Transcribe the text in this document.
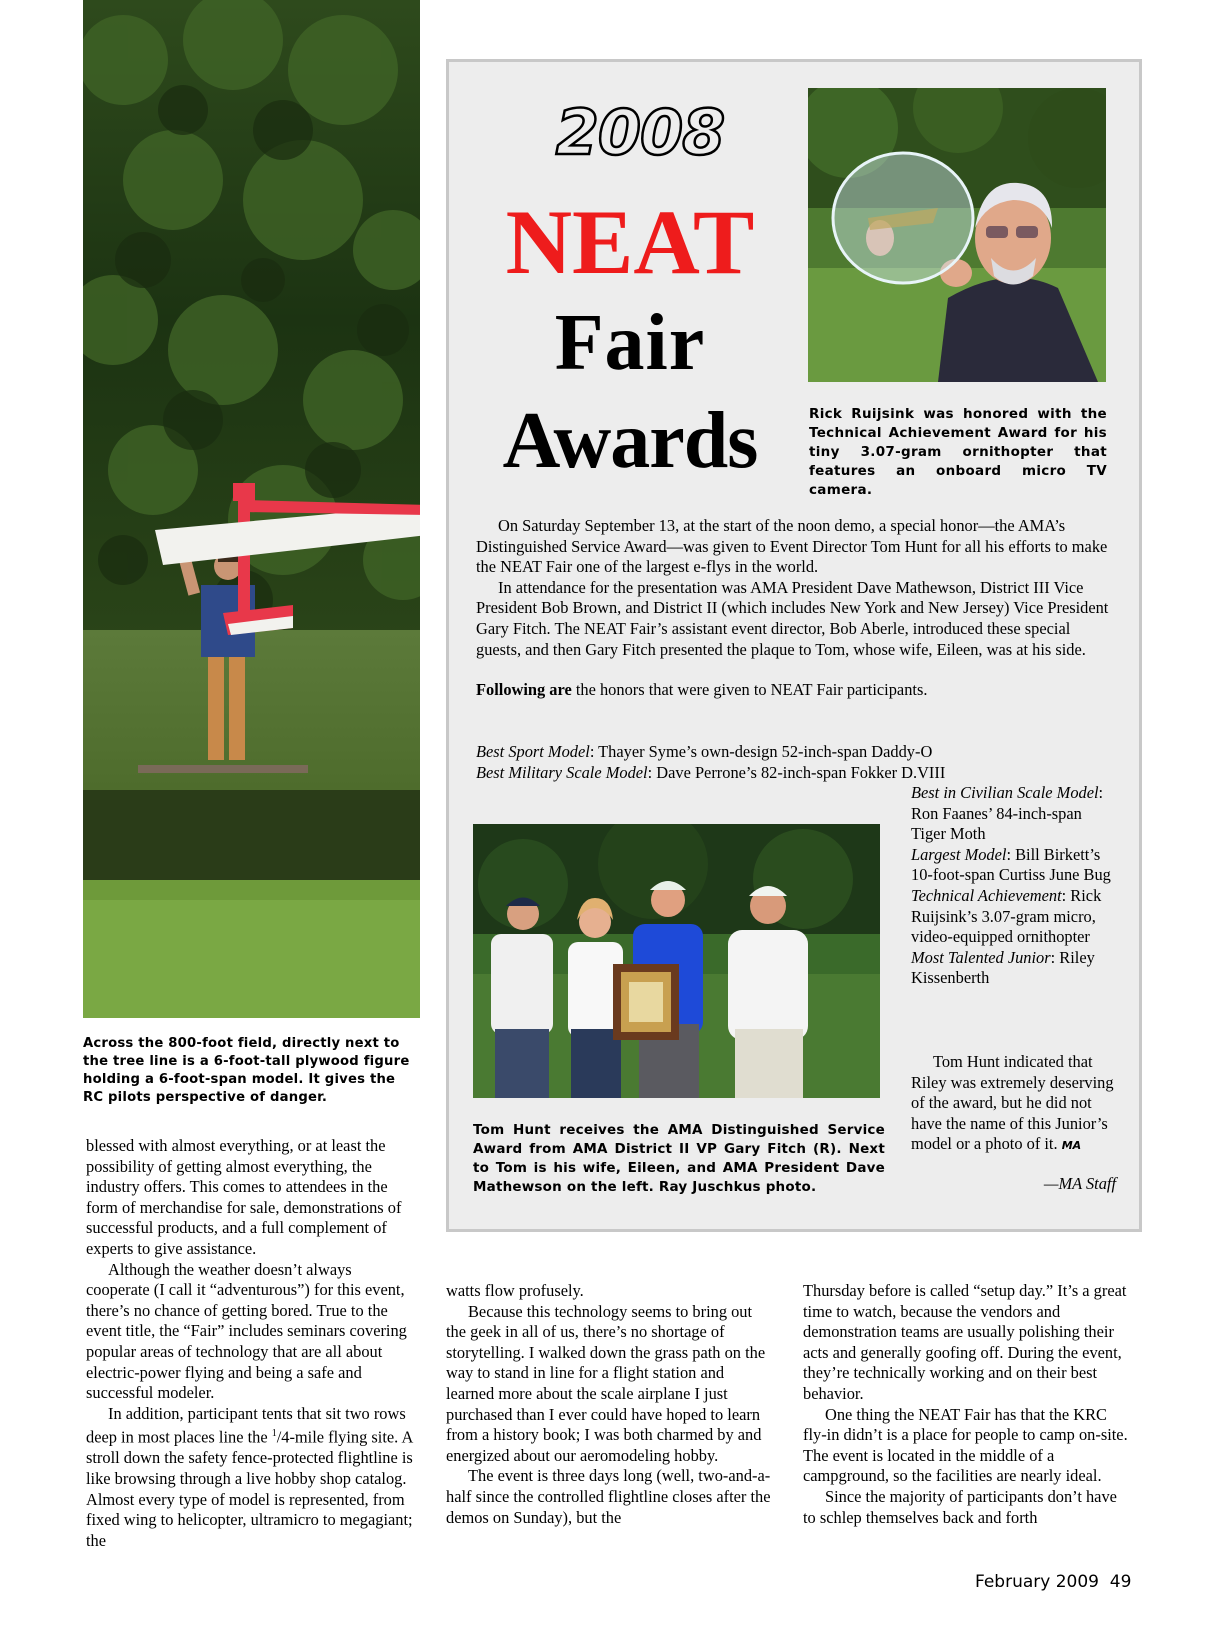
Across the 800-foot field, directly next to the tree line is a 6-foot-tall plywood figure holding a 6-foot-span model. It gives the RC pilots perspective of danger.
2008
NEAT
Fair
Awards	Rick Ruijsink was honored with the Technical Achievement Award for his tiny 3.07-gram ornithopter that features an onboard micro TV camera.

On Saturday September 13, at the start of the noon demo, a special honor—the AMA’s Distinguished Service Award—was given to Event Director Tom Hunt for all his efforts to make the NEAT Fair one of the largest e-flys in the world.

In attendance for the presentation was AMA President Dave Mathewson, District III Vice President Bob Brown, and District II (which includes New York and New Jersey) Vice President Gary Fitch. The NEAT Fair’s assistant event director, Bob Aberle, introduced these special guests, and then Gary Fitch presented the plaque to Tom, whose wife, Eileen, was at his side.

Following are the honors that were given to NEAT Fair participants.

Best Sport Model: Thayer Syme’s own-design 52-inch-span Daddy-O
Best Military Scale Model: Dave Perrone’s 82-inch-span Fokker D.VIII
Best in Civilian Scale Model: Ron Faanes’ 84-inch-span Tiger Moth
Largest Model: Bill Birkett’s 10-foot-span Curtiss June Bug
Technical Achievement: Rick Ruijsink’s 3.07-gram micro, video-equipped ornithopter
Most Talented Junior: Riley Kissenberth
Tom Hunt receives the AMA Distinguished Service Award from AMA District II VP Gary Fitch (R). Next to Tom is his wife, Eileen, and AMA President Dave Mathewson on the left. Ray Juschkus photo.

Tom Hunt indicated that Riley was extremely deserving of the award, but he did not have the name of this Junior’s model or a photo of it. MA

—MA Staff

blessed with almost everything, or at least the possibility of getting almost everything, the industry offers. This comes to attendees in the form of merchandise for sale, demonstrations of successful products, and a full complement of experts to give assistance.

Although the weather doesn’t always cooperate (I call it “adventurous”) for this event, there’s no chance of getting bored. True to the event title, the “Fair” includes seminars covering popular areas of technology that are all about electric-power flying and being a safe and successful modeler.

In addition, participant tents that sit two rows deep in most places line the $^1$/4-mile flying site. A stroll down the safety fence-protected flightline is like browsing through a live hobby shop catalog. Almost every type of model is represented, from fixed wing to helicopter, ultramicro to megagiant; the

watts flow profusely.

Because this technology seems to bring out the geek in all of us, there’s no shortage of storytelling. I walked down the grass path on the way to stand in line for a flight station and learned more about the scale airplane I just purchased than I ever could have hoped to learn from a history book; I was both charmed by and energized about our aeromodeling hobby.

The event is three days long (well, two-and-a-half since the controlled flightline closes after the demos on Sunday), but the

Thursday before is called “setup day.” It’s a great time to watch, because the vendors and demonstration teams are usually polishing their acts and generally goofing off. During the event, they’re technically working and on their best behavior.

One thing the NEAT Fair has that the KRC fly-in didn’t is a place for people to camp on-site. The event is located in the middle of a campground, so the facilities are nearly ideal.

Since the majority of participants don’t have to schlep themselves back and forth

February 2009  49
